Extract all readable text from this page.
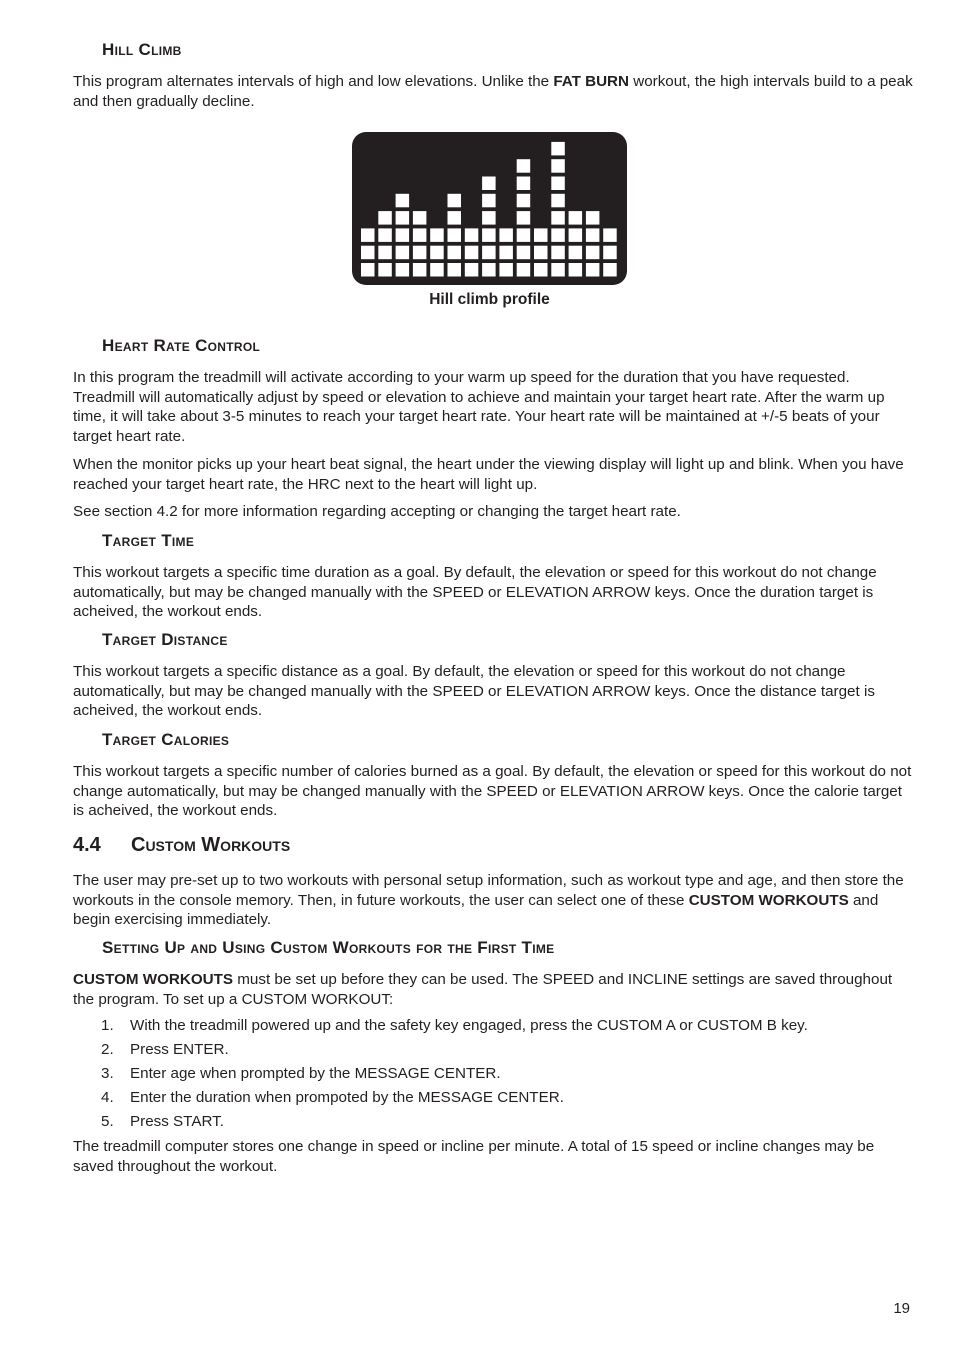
Hill Climb

This program alternates intervals of high and low elevations. Unlike the FAT BURN workout, the high intervals build to a peak and then gradually decline.

Hill climb profile
Heart Rate Control

In this program the treadmill will activate according to your warm up speed for the duration that you have requested. Treadmill will automatically adjust by speed or elevation to achieve and maintain your target heart rate. After the warm up time, it will take about 3-5 minutes to reach your target heart rate. Your heart rate will be maintained at +/-5 beats of your target heart rate.

When the monitor picks up your heart beat signal, the heart under the viewing display will light up and blink. When you have reached your target heart rate, the HRC next to the heart will light up.

See section 4.2 for more information regarding accepting or changing the target heart rate.

Target Time

This workout targets a specific time duration as a goal. By default, the elevation or speed for this workout do not change automatically, but may be changed manually with the SPEED or ELEVATION ARROW keys. Once the duration target is acheived, the workout ends.

Target Distance

This workout targets a specific distance as a goal. By default, the elevation or speed for this workout do not change automatically, but may be changed manually with the SPEED or ELEVATION ARROW keys. Once the distance target is acheived, the workout ends.

Target Calories

This workout targets a specific number of calories burned as a goal. By default, the elevation or speed for this workout do not change automatically, but may be changed manually with the SPEED or ELEVATION ARROW keys. Once the calorie target is acheived, the workout ends.

4.4 Custom Workouts

The user may pre-set up to two workouts with personal setup information, such as workout type and age, and then store the workouts in the console memory. Then, in future workouts, the user can select one of these CUSTOM WORKOUTS and begin exercising immediately.

Setting Up and Using Custom Workouts for the First Time

CUSTOM WORKOUTS must be set up before they can be used. The SPEED and INCLINE settings are saved throughout the program. To set up a CUSTOM WORKOUT:

1. With the treadmill powered up and the safety key engaged, press the CUSTOM A or CUSTOM B key.
2. Press ENTER.
3. Enter age when prompted by the MESSAGE CENTER.
4. Enter the duration when prompoted by the MESSAGE CENTER.
5. Press START.

The treadmill computer stores one change in speed or incline per minute. A total of 15 speed or incline changes may be saved throughout the workout.

19
